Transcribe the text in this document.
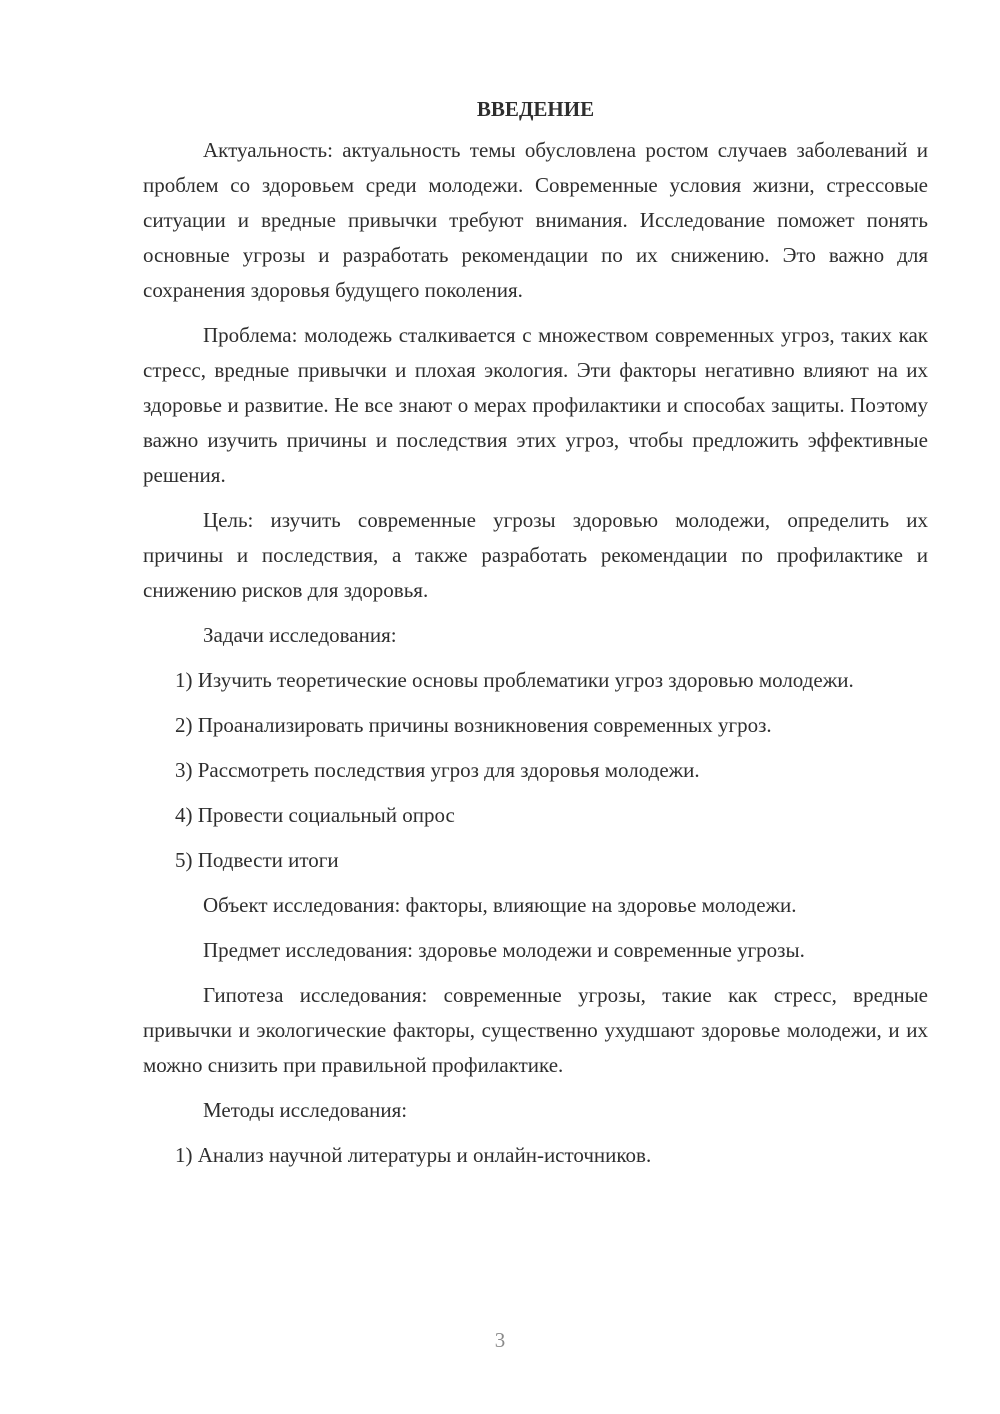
ВВЕДЕНИЕ

Актуальность: актуальность темы обусловлена ростом случаев заболеваний и проблем со здоровьем среди молодежи. Современные условия жизни, стрессовые ситуации и вредные привычки требуют внимания. Исследование поможет понять основные угрозы и разработать рекомендации по их снижению. Это важно для сохранения здоровья будущего поколения.

Проблема: молодежь сталкивается с множеством современных угроз, таких как стресс, вредные привычки и плохая экология. Эти факторы негативно влияют на их здоровье и развитие. Не все знают о мерах профилактики и способах защиты. Поэтому важно изучить причины и последствия этих угроз, чтобы предложить эффективные решения.

Цель: изучить современные угрозы здоровью молодежи, определить их причины и последствия, а также разработать рекомендации по профилактике и снижению рисков для здоровья.

Задачи исследования:

1) Изучить теоретические основы проблематики угроз здоровью молодежи.

2) Проанализировать причины возникновения современных угроз.

3) Рассмотреть последствия угроз для здоровья молодежи.

4) Провести социальный опрос

5) Подвести итоги

Объект исследования: факторы, влияющие на здоровье молодежи.

Предмет исследования: здоровье молодежи и современные угрозы.

Гипотеза исследования: современные угрозы, такие как стресс, вредные привычки и экологические факторы, существенно ухудшают здоровье молодежи, и их можно снизить при правильной профилактике.

Методы исследования:

1) Анализ научной литературы и онлайн-источников.

3
